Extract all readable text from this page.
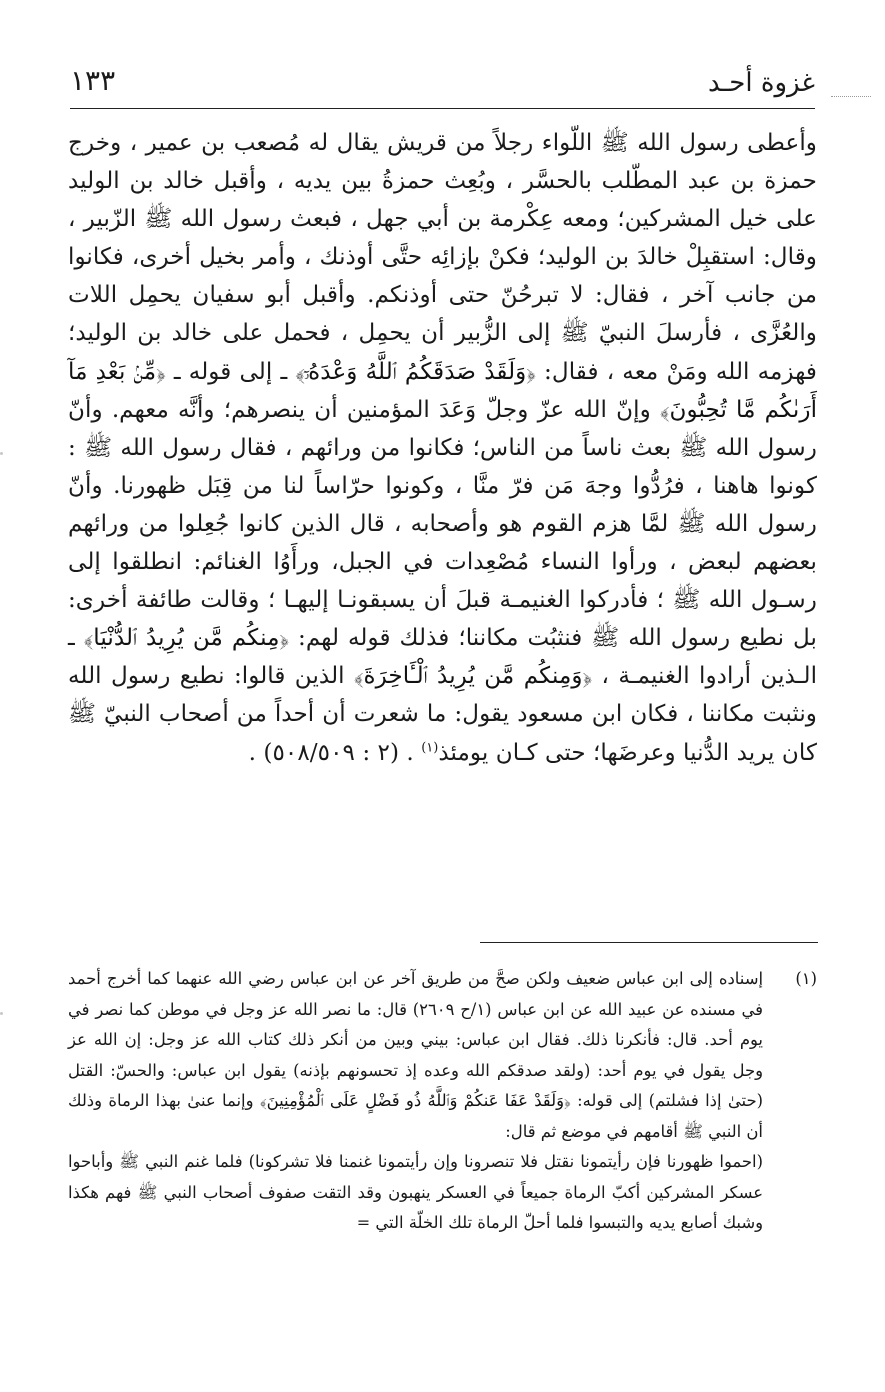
غزوة أحـد
١٣٣

وأعطى رسول الله ﷺ اللّواء رجلاً من قريش يقال له مُصعب بن عمير ، وخرج حمزة بن عبد المطّلب بالحسَّر ، وبُعِث حمزةُ بين يديه ، وأقبل خالد بن الوليد على خيل المشركين؛ ومعه عِكْرمة بن أبي جهل ، فبعث رسول الله ﷺ الزّبير ، وقال: استقبِلْ خالدَ بن الوليد؛ فكنْ بإزائِه حتَّى أوذنك ، وأمر بخيل أخرى، فكانوا من جانب آخر ، فقال: لا تبرحُنّ حتى أوذنكم. وأقبل أبو سفيان يحمِل اللات والعُزَّى ، فأرسلَ النبيّ ﷺ إلى الزُّبير أن يحمِل ، فحمل على خالد بن الوليد؛ فهزمه الله ومَنْ معه ، فقال: ﴿وَلَقَدْ صَدَقَكُمُ ٱللَّهُ وَعْدَهُۥٓ﴾ ـ إلى قوله ـ ﴿مِّنۢ بَعْدِ مَآ أَرَىٰكُم مَّا تُحِبُّونَ﴾ وإنّ الله عزّ وجلّ وَعَدَ المؤمنين أن ينصرهم؛ وأنَّه معهم. وأنّ رسول الله ﷺ بعث ناساً من الناس؛ فكانوا من ورائهم ، فقال رسول الله ﷺ : كونوا هاهنا ، فرُدُّوا وجهَ مَن فرّ منَّا ، وكونوا حرّاساً لنا من قِبَل ظهورنا. وأنّ رسول الله ﷺ لمَّا هزم القوم هو وأصحابه ، قال الذين كانوا جُعِلوا من ورائهم بعضهم لبعض ، ورأوا النساء مُصْعِدات في الجبل، ورأَوُا الغنائم: انطلقوا إلى رسـول الله ﷺ ؛ فأدركوا الغنيمـة قبلَ أن يسبقونـا إليهـا ؛ وقالت طائفة أخرى: بل نطيع رسول الله ﷺ فنثبُت مكاننا؛ فذلك قوله لهم: ﴿مِنكُم مَّن يُرِيدُ ٱلدُّنْيَا﴾ ـ الـذين أرادوا الغنيمـة ، ﴿وَمِنكُم مَّن يُرِيدُ ٱلْـَٔاخِرَةَ﴾ الذين قالوا: نطيع رسول الله ونثبت مكاننا ، فكان ابن مسعود يقول: ما شعرت أن أحداً من أصحاب النبيّ ﷺ كان يريد الدُّنيا وعرضَها؛ حتى كـان يومئذ$^{(١)}$ . (٢ : ٥٠٨/٥٠٩) .

(١)

إسناده إلى ابن عباس ضعيف ولكن صحَّ من طريق آخر عن ابن عباس رضي الله عنهما كما أخرج أحمد في مسنده عن عبيد الله عن ابن عباس (١/ح ٢٦٠٩) قال: ما نصر الله عز وجل في موطن كما نصر في يوم أحد. قال: فأنكرنا ذلك. فقال ابن عباس: بيني وبين من أنكر ذلك كتاب الله عز وجل: إن الله عز وجل يقول في يوم أحد: (ولقد صدقكم الله وعده إذ تحسونهم بإذنه) يقول ابن عباس: والحسّ: القتل (حتىٰ إذا فشلتم) إلى قوله: ﴿وَلَقَدْ عَفَا عَنكُمْ وَٱللَّهُ ذُو فَضْلٍ عَلَى ٱلْمُؤْمِنِينَ﴾ وإنما عنىٰ بهذا الرماة وذلك أن النبي ﷺ أقامهم في موضع ثم قال:

(احموا ظهورنا فإن رأيتمونا نقتل فلا تنصرونا وإن رأيتمونا غنمنا فلا تشركونا) فلما غنم النبي ﷺ وأباحوا عسكر المشركين أكبّ الرماة جميعاً في العسكر ينهبون وقد التقت صفوف أصحاب النبي ﷺ فهم هكذا وشبك أصابع يديه والتبسوا فلما أحلّ الرماة تلك الخلّة التي =
